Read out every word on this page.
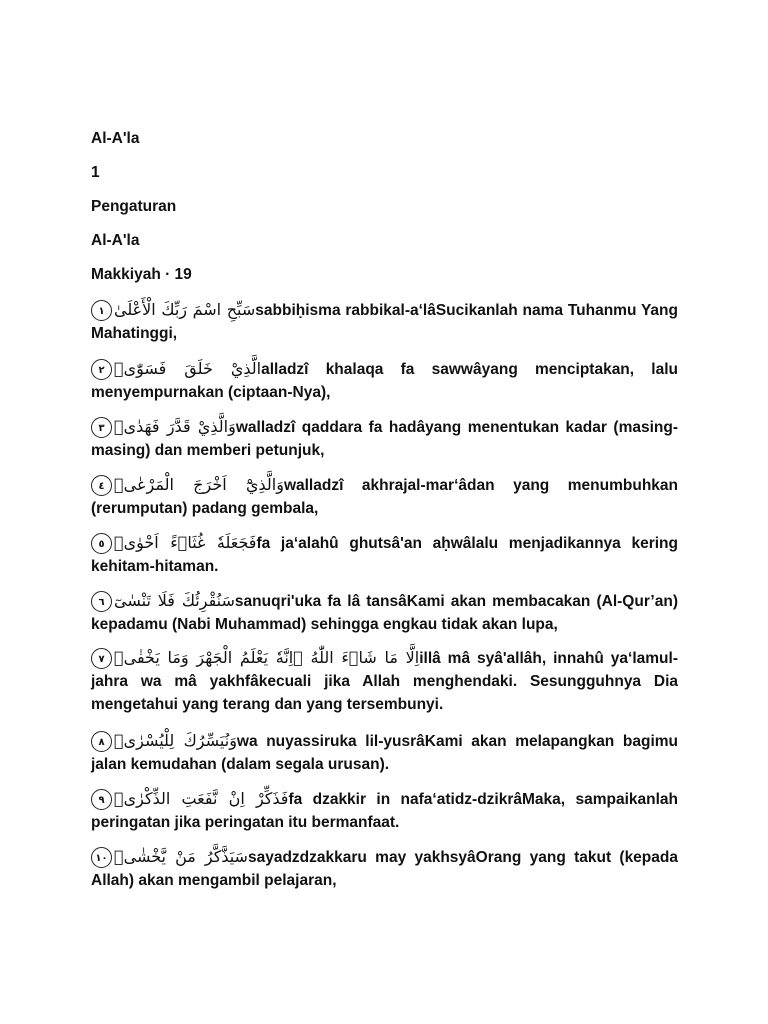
Al-A'la

1

Pengaturan

Al-A'la

Makkiyah · 19

١ سَبِّحِ اسْمَ رَبِّكَ الْأَعْلَىٰsabbiḥisma rabbikal-a‘lâSucikanlah nama Tuhanmu Yang Mahatinggi,

٢ الَّذِيْ خَلَقَ فَسَوّٰىۖalladzî khalaqa fa sawwâyang menciptakan, lalu menyempurnakan (ciptaan-Nya),

٣ وَالَّذِيْ قَدَّرَ فَهَدٰىۖwalladzî qaddara fa hadâyang menentukan kadar (masing-masing) dan memberi petunjuk,

٤ وَالَّذِيْٓ اَخْرَجَ الْمَرْعٰىۖwalladzî akhrajal-mar‘âdan yang menumbuhkan (rerumputan) padang gembala,

٥ فَجَعَلَهٗ غُثَاۤءً اَحْوٰىۖfa ja‘alahû ghutsâ'an aḥwâlalu menjadikannya kering kehitam-hitaman.

٦ سَنُقْرِئُكَ فَلَا تَنْسٰىٓsanuqri'uka fa lâ tansâKami akan membacakan (Al-Qur’an) kepadamu (Nabi Muhammad) sehingga engkau tidak akan lupa,

٧ اِلَّا مَا شَاۤءَ اللّٰهُ ۗاِنَّهٗ يَعْلَمُ الْجَهْرَ وَمَا يَخْفٰىۗillâ mâ syâ'allâh, innahû ya‘lamul-jahra wa mâ yakhfâkecuali jika Allah menghendaki. Sesungguhnya Dia mengetahui yang terang dan yang tersembunyi.

٨ وَنُيَسِّرُكَ لِلْيُسْرٰىۖwa nuyassiruka lil-yusrâKami akan melapangkan bagimu jalan kemudahan (dalam segala urusan).

٩ فَذَكِّرْ اِنْ نَّفَعَتِ الذِّكْرٰىۗfa dzakkir in nafa‘atidz-dzikrâMaka, sampaikanlah peringatan jika peringatan itu bermanfaat.

١٠ سَيَذَّكَّرُ مَنْ يَّخْشٰىۙsayadzdzakkaru may yakhsyâOrang yang takut (kepada Allah) akan mengambil pelajaran,
